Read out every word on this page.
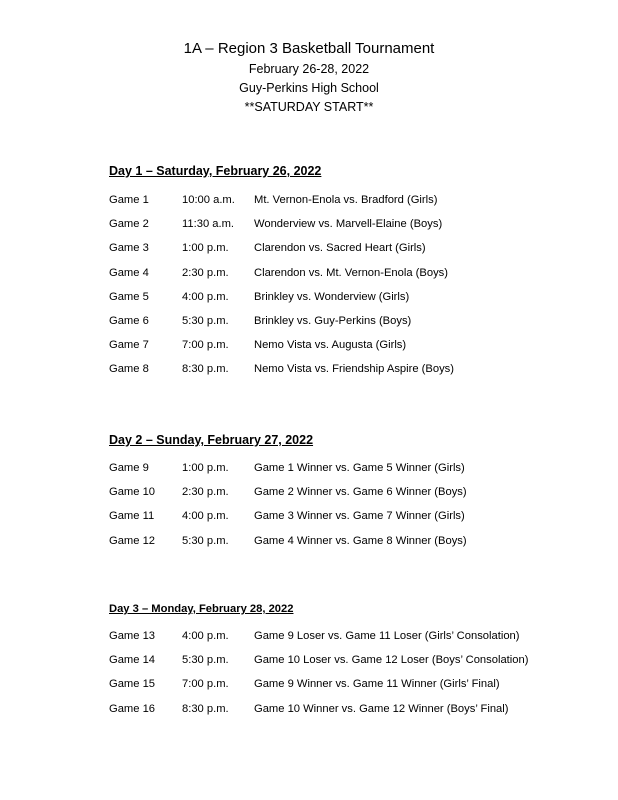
1A – Region 3 Basketball Tournament
February 26-28, 2022
Guy-Perkins High School
**SATURDAY START**
Day 1 – Saturday, February 26, 2022
Game 1	10:00 a.m. Mt. Vernon-Enola vs. Bradford (Girls)
Game 2	11:30 a.m. Wonderview vs. Marvell-Elaine (Boys)
Game 3	1:00 p.m. Clarendon vs. Sacred Heart (Girls)
Game 4	2:30 p.m. Clarendon vs. Mt. Vernon-Enola (Boys)
Game 5	4:00 p.m. Brinkley vs. Wonderview (Girls)
Game 6	5:30 p.m. Brinkley vs. Guy-Perkins (Boys)
Game 7	7:00 p.m. Nemo Vista vs. Augusta (Girls)
Game 8	8:30 p.m. Nemo Vista vs. Friendship Aspire (Boys)
Day 2 – Sunday, February 27, 2022
Game 9	1:00 p.m. Game 1 Winner vs. Game 5 Winner (Girls)
Game 10 2:30 p.m. Game 2 Winner vs. Game 6 Winner (Boys)
Game 11 4:00 p.m. Game 3 Winner vs. Game 7 Winner (Girls)
Game 12 5:30 p.m. Game 4 Winner vs. Game 8 Winner (Boys)
Day 3 – Monday, February 28, 2022
Game 13 4:00 p.m. Game 9 Loser vs. Game 11 Loser (Girls’ Consolation)
Game 14 5:30 p.m. Game 10 Loser vs. Game 12 Loser (Boys’ Consolation)
Game 15 7:00 p.m. Game 9 Winner vs. Game 11 Winner (Girls’ Final)
Game 16 8:30 p.m. Game 10 Winner vs. Game 12 Winner (Boys’ Final)
